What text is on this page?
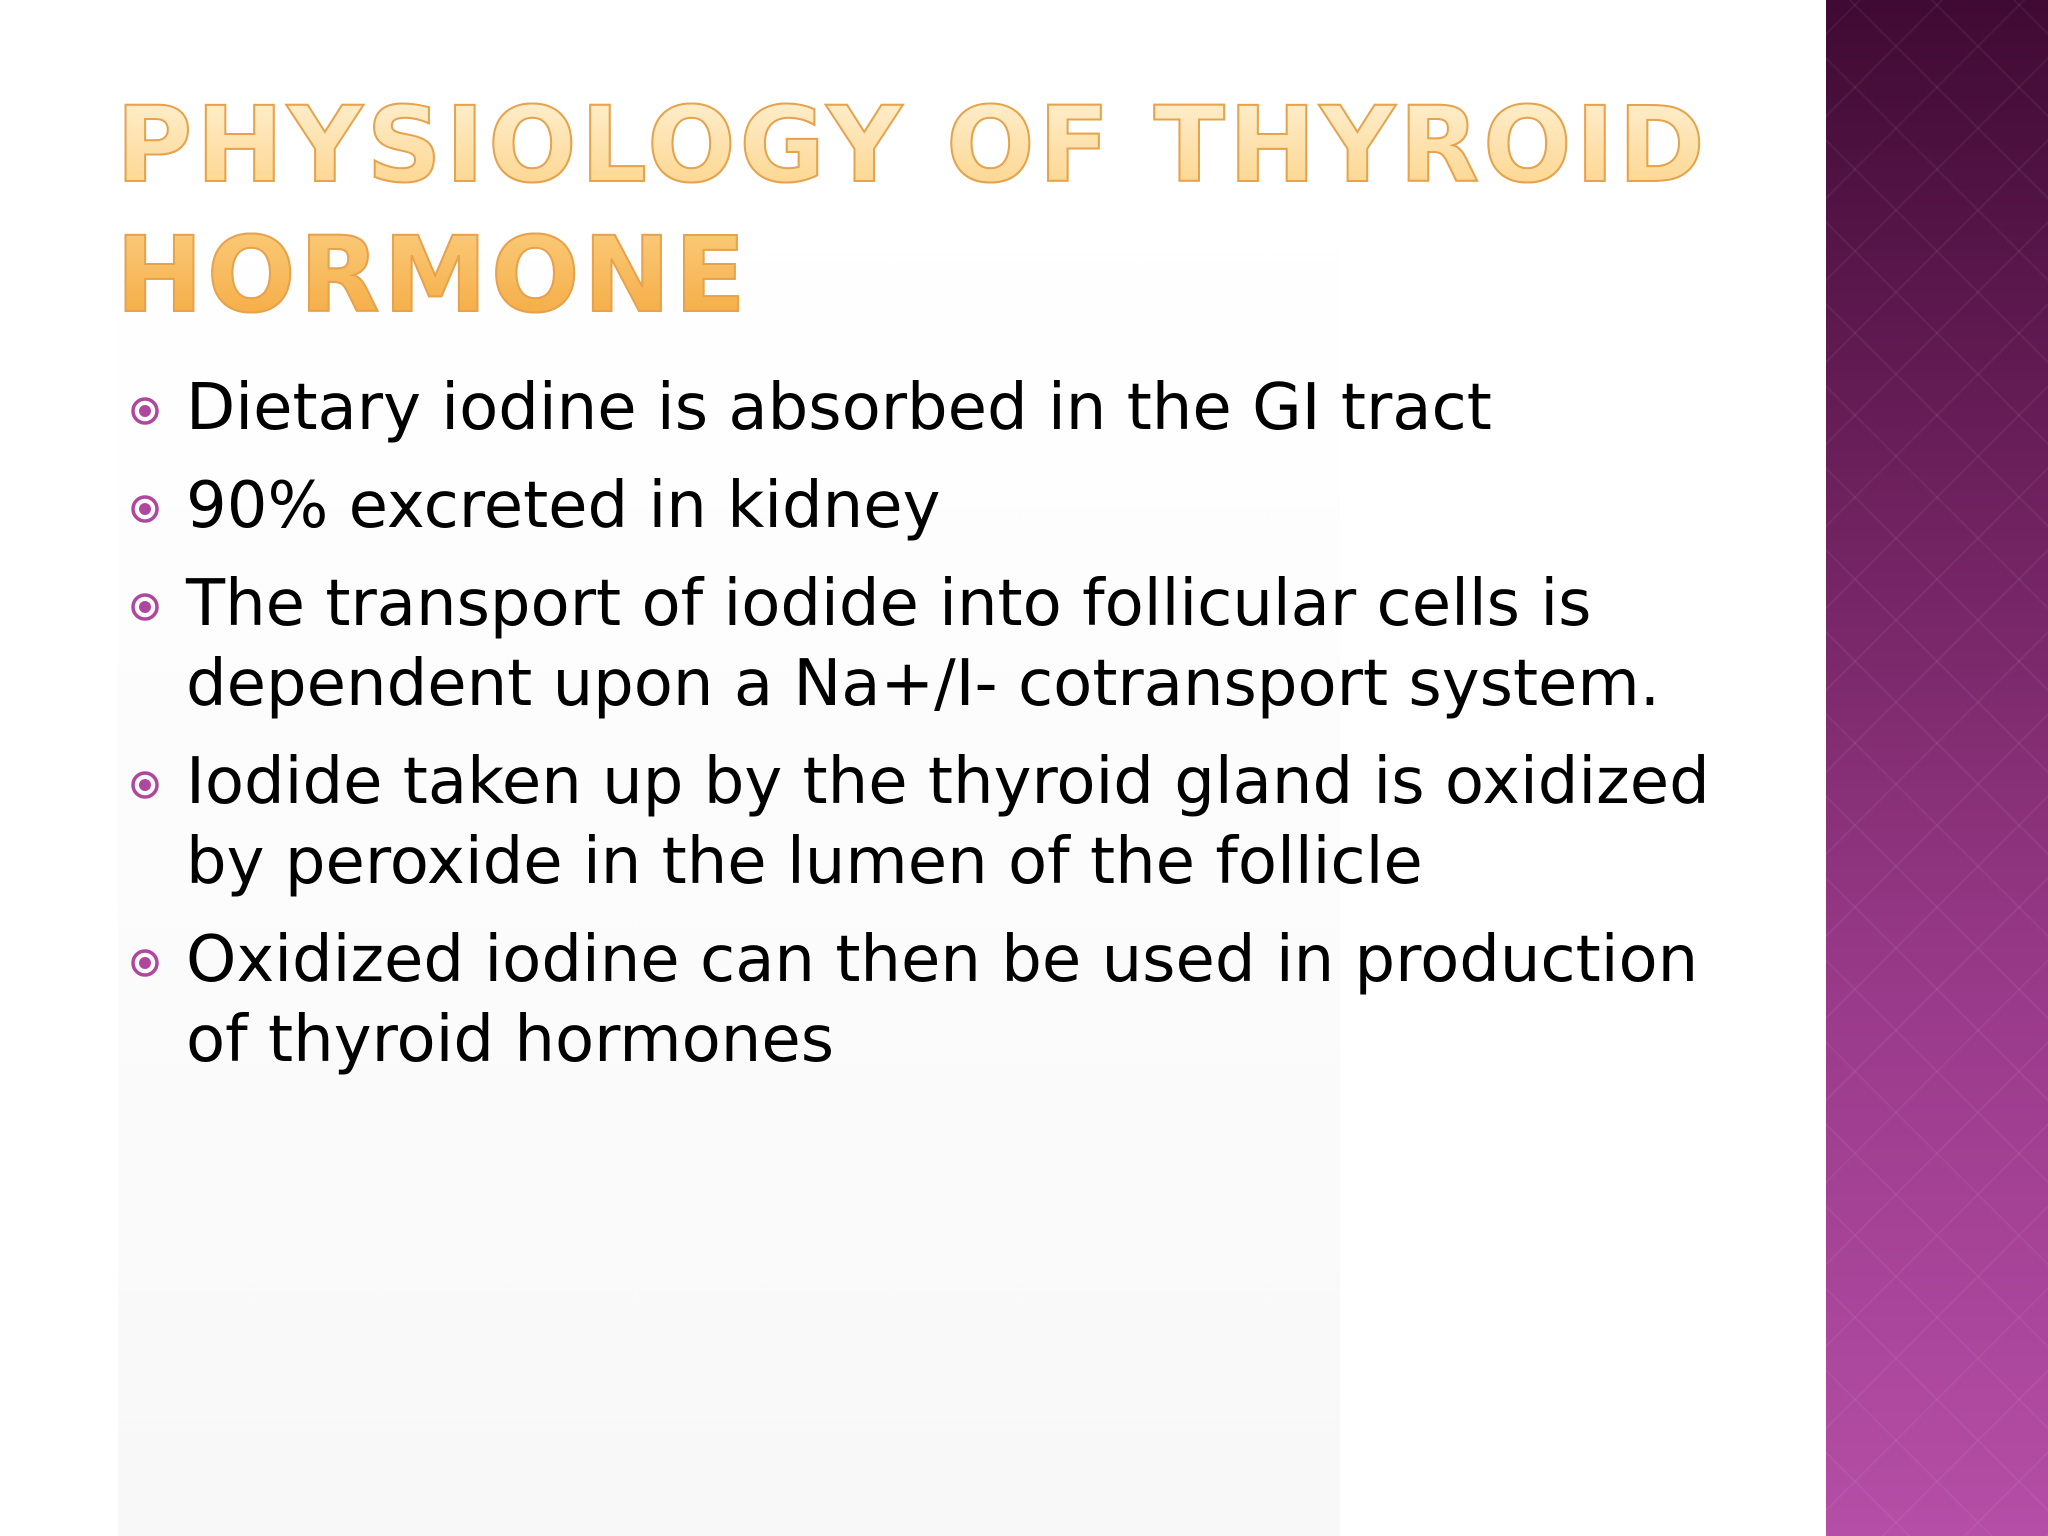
PHYSIOLOGY OF THYROID HORMONE
Dietary iodine is absorbed in the GI tract
90% excreted in kidney
The transport of iodide into follicular cells is dependent upon a Na+/I- cotransport system.
Iodide taken up by the thyroid gland is oxidized by peroxide in the lumen of the follicle
Oxidized iodine can then be used in production of thyroid hormones
